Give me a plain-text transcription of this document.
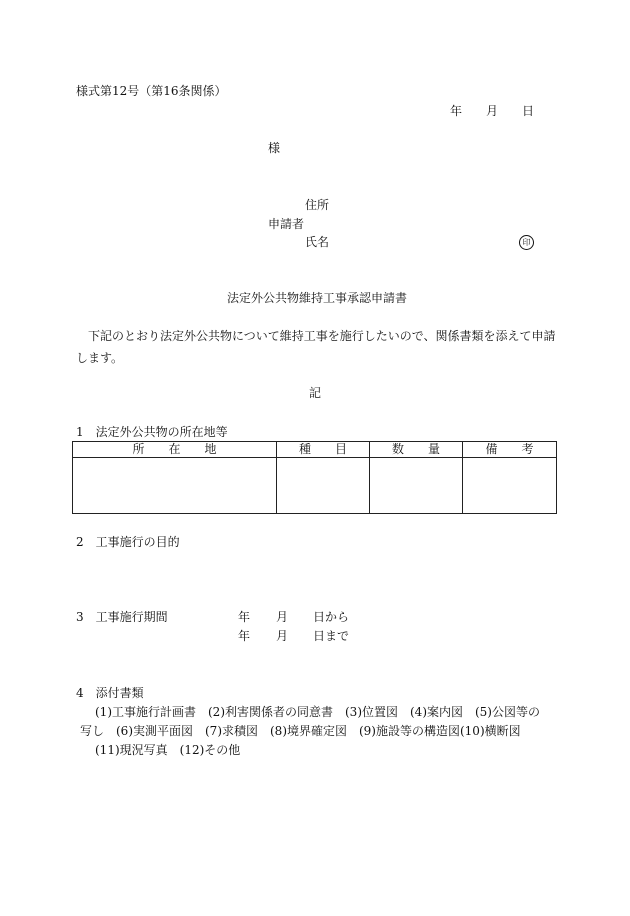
様式第12号（第16条関係）
年 月 日
様
住所
申請者
氏名	印
法定外公共物維持工事承認申請書
下記のとおり法定外公共物について維持工事を施行したいので、関係書類を添えて申請します。
記
1　法定外公共物の所在地等
所　　在　　地	種　　目	数　　量	備　　考

2　工事施行の目的
3　工事施行期間	年 月 日から
年 月 日まで
4　添付書類
(1)工事施行計画書　(2)利害関係者の同意書　(3)位置図　(4)案内図　(5)公図等の
写し　(6)実測平面図　(7)求積図　(8)境界確定図　(9)施設等の構造図(10)横断図
(11)現況写真　(12)その他
